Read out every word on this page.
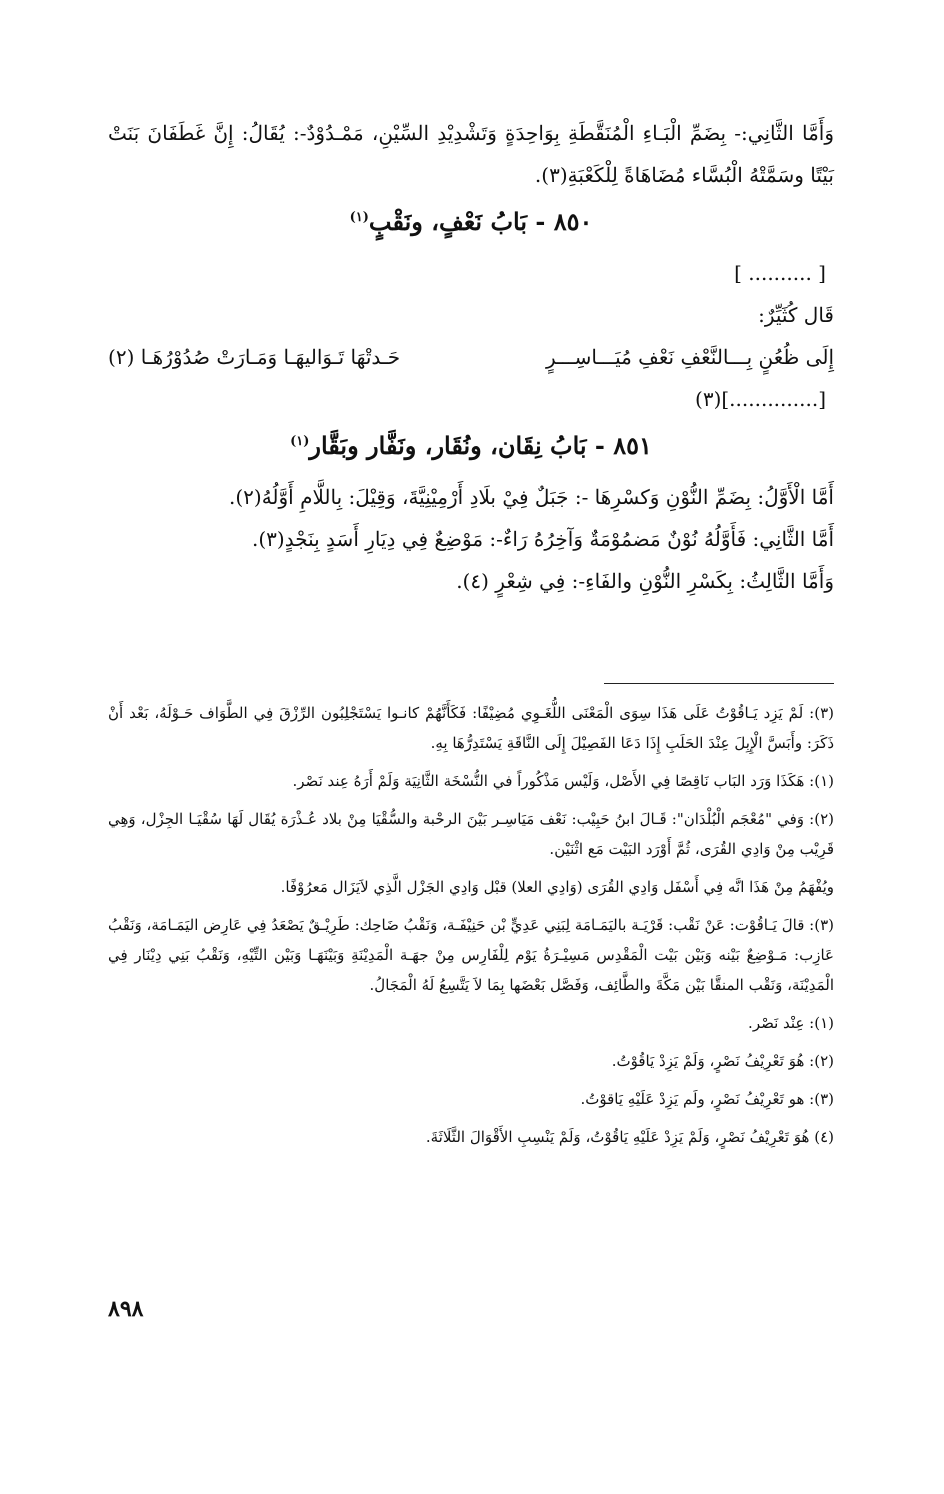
وَأَمَّا الثَّانِي:- بِضَمِّ الْبَـاءِ الْمُنَقَّطَةِ بِوَاحِدَةٍ وَتَشْدِيْدِ السِّيْنِ، مَمْـدُوْدٌ-: يُقَالُ: إِنَّ غَطَفَانَ بَنَتْ بَيْتًا وسَمَّتْهُ الْبُسَّاء مُضَاهَاةً لِلْكَعْبَةِ(٣).

٨٥٠ - بَابُ نَعْفٍ، ونَقْبٍ$^{(١)}$

[ .......... ]

قَال كُثَيِّرٌ:

إِلَى ظُعُنٍ بِـــالنَّعْفِ نَعْفِ مُيَـــاسِـــرٍ
حَـدتْهَا تَـوَاليهَـا وَمَـارَتْ صُدُوْرُهَـا (٢)

[..............](٣)

٨٥١ - بَابُ نِقَان، ونُقَار، ونَفَّار وبَقَّار$^{(١)}$

أَمَّا الْأَوَّلُ: بِضَمِّ النُّوْنِ وَكسْرِهَا -: جَبَلٌ فِيْ بلَادِ أَرْمِيْنِيَّةَ، وَقِيْلَ: بِاللَّامِ أَوَّلُهُ(٢).

أَمَّا الثَّانِي: فَأَوَّلُهُ نُوْنٌ مَضمُوْمَةٌ وَآخِرُهُ رَاءٌ-: مَوْضِعٌ فِي دِيَارِ أَسَدٍ بِنَجْدٍ(٣).

وَأَمَّا الثَّالِثُ: بِكَسْرِ النُّوْنِ والفَاءِ-: فِي شِعْرٍ (٤).

(٣): لَمْ يَزِد يَـاقُوْتُ عَلَى هَذَا سِوَى الْمَعْنَى اللُّغَـوِي مُضِيْفًا: فَكَأَنَّهُمْ كانـوا يَسْتَجْلِبُون الرِّزْقَ فِي الطَّوَاف حَـوْلَهُ، بَعْد أَنْ ذَكَرَ: وأَبَسَّ الْإِبِلَ عِنْدَ الحَلَبِ إِذَا دَعَا الفَصِيْلَ إِلَى النَّاقَةِ يَسْتَدِرُّهَا بِهِ.

(١): هَكَذَا وَرَد البَاب نَاقِصًا فِي الأَصْل، وَلَيْس مَذْكُوراً في النُّسْخَة الثَّانِيَة وَلَمْ أَرَهُ عِند نَصْر.

(٢): وَفي "مُعْجَم الْبُلْدَان": قَـالَ ابنُ حَبِيْب: نَعْف مَيَاسِـر بَيْنَ الرحْبة والسُّقْيَا مِنْ بلاد عُـذْرَة يُقَال لَهَا سُقْيَـا الجِزْل، وَهِي قَرِيْب مِنْ وَادِي القُرَى، ثُمَّ أَوْرَد البَيْت مَع اثْنَيْن.

ويُفْهَمُ مِنْ هَذَا انَّه فِي أَسْفَل وَادِي القُرَى (وَادِي العلا) قبْل وَادِي الجَزْل الَّذِي لاَيَزَال مَعرُوْفًا.

(٣): قالَ يَـاقُوْت: عَنْ نَقْب: قَرْيَـة باليَمَـامَة لِبَنِي عَدِيٍّ بْن حَنِيْفَـة، وَنَقْبُ ضَاحِك: طَرِيْـقٌ يَصْعَدُ فِي عَارِض اليَمَـامَة، وَنَقْبُ عَازِب: مَـوْضِعٌ بَيْنه وَبَيْن بَيْت الْمَقْدِس مَسِيْـرَةُ يَوْم لِلْفَارِس مِنْ جهَـة الْمَدِيْنَةِ وَبَيْنَهَـا وَبَيْن التِّيْهِ، وَنَقْبُ بَنِي دِيْنَار فِي الْمَدِيْنَة، وَنَقْب المنقَّا بَيْن مَكَّةَ والطَّائِف، وَفَصَّل بَعْضَها بِمَا لاَ يَتَّسِعُ لَهُ الْمَجَالُ.

(١): عِنْد نَصْر.

(٢): هُوَ تَعْرِيْفُ نَصْرٍ، وَلَمْ يَزِدْ يَاقُوْتُ.

(٣): هو تَعْرِيْفُ نَصْرٍ، ولَم يَزِدْ عَلَيْهِ يَاقوْتُ.

(٤) هُوَ تَعْرِيْفُ نَصْرٍ، وَلَمْ يَزِدْ عَلَيْهِ يَاقُوْتُ، وَلَمْ يَنْسِبِ الأَقْوَالَ الثَّلَاثَةَ.

٨٩٨
